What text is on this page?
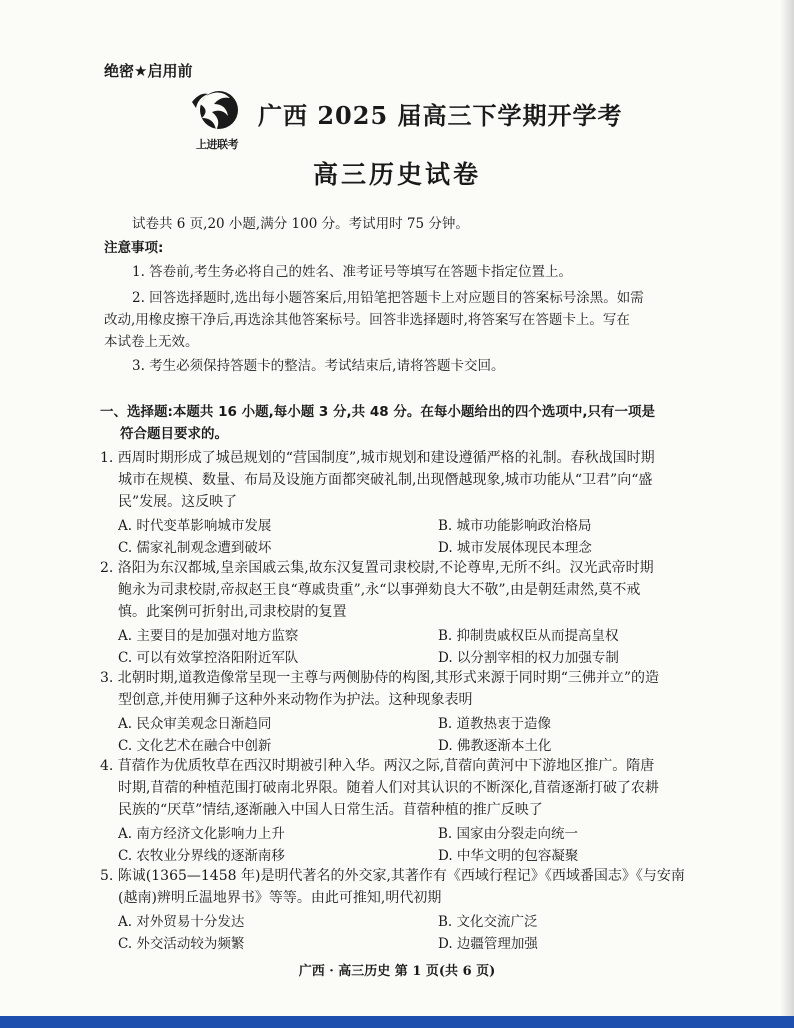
绝密★启用前
上进联考
广西 2025 届高三下学期开学考
高三历史试卷
试卷共 6 页,20 小题,满分 100 分。考试用时 75 分钟。
注意事项:
1. 答卷前,考生务必将自己的姓名、准考证号等填写在答题卡指定位置上。
2. 回答选择题时,选出每小题答案后,用铅笔把答题卡上对应题目的答案标号涂黑。如需
改动,用橡皮擦干净后,再选涂其他答案标号。回答非选择题时,将答案写在答题卡上。写在
本试卷上无效。
3. 考生必须保持答题卡的整洁。考试结束后,请将答题卡交回。
一、选择题:本题共 16 小题,每小题 3 分,共 48 分。在每小题给出的四个选项中,只有一项是
符合题目要求的。
1. 西周时期形成了城邑规划的“营国制度”,城市规划和建设遵循严格的礼制。春秋战国时期
城市在规模、数量、布局及设施方面都突破礼制,出现僭越现象,城市功能从“卫君”向“盛
民”发展。这反映了
A. 时代变革影响城市发展	B. 城市功能影响政治格局
C. 儒家礼制观念遭到破坏	D. 城市发展体现民本理念
2. 洛阳为东汉都城,皇亲国戚云集,故东汉复置司隶校尉,不论尊卑,无所不纠。汉光武帝时期
鲍永为司隶校尉,帝叔赵王良“尊戚贵重”,永“以事弹劾良大不敬”,由是朝廷肃然,莫不戒
慎。此案例可折射出,司隶校尉的复置
A. 主要目的是加强对地方监察	B. 抑制贵戚权臣从而提高皇权
C. 可以有效掌控洛阳附近军队	D. 以分割宰相的权力加强专制
3. 北朝时期,道教造像常呈现一主尊与两侧胁侍的构图,其形式来源于同时期“三佛并立”的造
型创意,并使用狮子这种外来动物作为护法。这种现象表明
A. 民众审美观念日渐趋同	B. 道教热衷于造像
C. 文化艺术在融合中创新	D. 佛教逐渐本土化
4. 苜蓿作为优质牧草在西汉时期被引种入华。两汉之际,苜蓿向黄河中下游地区推广。隋唐
时期,苜蓿的种植范围打破南北界限。随着人们对其认识的不断深化,苜蓿逐渐打破了农耕
民族的“厌草”情结,逐渐融入中国人日常生活。苜蓿种植的推广反映了
A. 南方经济文化影响力上升	B. 国家由分裂走向统一
C. 农牧业分界线的逐渐南移	D. 中华文明的包容凝聚
5. 陈诚(1365—1458 年)是明代著名的外交家,其著作有《西域行程记》《西域番国志》《与安南
(越南)辨明丘温地界书》等等。由此可推知,明代初期
A. 对外贸易十分发达	B. 文化交流广泛
C. 外交活动较为频繁	D. 边疆管理加强
广西 · 高三历史 第 1 页(共 6 页)
